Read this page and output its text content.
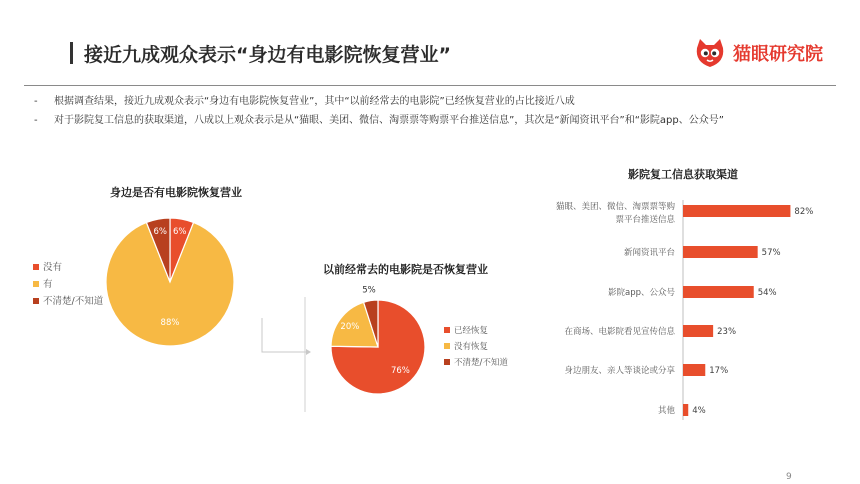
接近九成观众表示“身边有电影院恢复营业”	猫眼研究院
- 根据调查结果，接近九成观众表示“身边有电影院恢复营业”，其中“以前经常去的电影院”已经恢复营业的占比接近八成
- 对于影院复工信息的获取渠道，八成以上观众表示是从“猫眼、美团、微信、淘票票等购票平台推送信息”，其次是“新闻资讯平台”和“影院app、公众号”
身边是否有电影院恢复营业
以前经常去的电影院是否恢复营业
影院复工信息获取渠道
6%
88%
6%
没有
有
不清楚/不知道
76%
20%
5%
已经恢复
没有恢复
不清楚/不知道
82%
猫眼、美团、微信、淘票票等购
票平台推送信息
57%
新闻资讯平台
54%
影院app、公众号
23%
在商场、电影院看见宣传信息
17%
身边朋友、亲人等谈论或分享
4%
其他
9
